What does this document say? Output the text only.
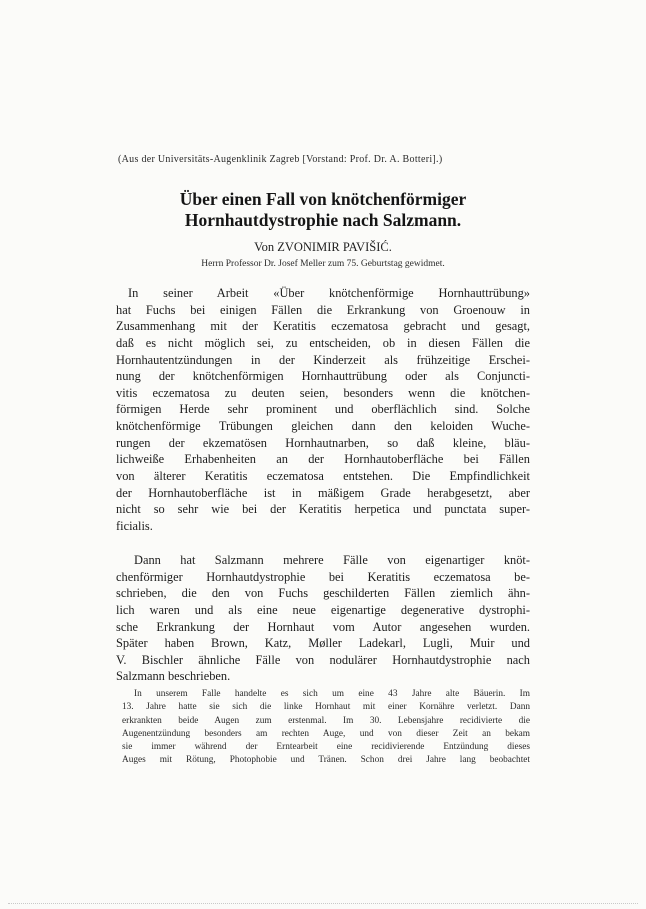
(Aus der Universitäts-Augenklinik Zagreb [Vorstand: Prof. Dr. A. Botteri].)
Über einen Fall von knötchenförmiger
Hornhautdystrophie nach Salzmann.
Von ZVONIMIR PAVIŠIĆ.
Herrn Professor Dr. Josef Meller zum 75. Geburtstag gewidmet.
In seiner Arbeit «Über knötchenförmige Hornhauttrübung»
hat Fuchs bei einigen Fällen die Erkrankung von Groenouw in
Zusammenhang mit der Keratitis eczematosa gebracht und gesagt,
daß es nicht möglich sei, zu entscheiden, ob in diesen Fällen die
Hornhautentzündungen in der Kinderzeit als frühzeitige Erschei-
nung der knötchenförmigen Hornhauttrübung oder als Conjuncti-
vitis eczematosa zu deuten seien, besonders wenn die knötchen-
förmigen Herde sehr prominent und oberflächlich sind. Solche
knötchenförmige Trübungen gleichen dann den keloiden Wuche-
rungen der ekzematösen Hornhautnarben, so daß kleine, bläu-
lichweiße Erhabenheiten an der Hornhautoberfläche bei Fällen
von älterer Keratitis eczematosa entstehen. Die Empfindlichkeit
der Hornhautoberfläche ist in mäßigem Grade herabgesetzt, aber
nicht so sehr wie bei der Keratitis herpetica und punctata super-
ficialis.
Dann hat Salzmann mehrere Fälle von eigenartiger knöt-
chenförmiger Hornhautdystrophie bei Keratitis eczematosa be-
schrieben, die den von Fuchs geschilderten Fällen ziemlich ähn-
lich waren und als eine neue eigenartige degenerative dystrophi-
sche Erkrankung der Hornhaut vom Autor angesehen wurden.
Später haben Brown, Katz, Møller Ladekarl, Lugli, Muir und
V. Bischler ähnliche Fälle von nodulärer Hornhautdystrophie nach
Salzmann beschrieben.
In unserem Falle handelte es sich um eine 43 Jahre alte Bäuerin. Im
13. Jahre hatte sie sich die linke Hornhaut mit einer Kornähre verletzt. Dann
erkrankten beide Augen zum erstenmal. Im 30. Lebensjahre recidivierte die
Augenentzündung besonders am rechten Auge, und von dieser Zeit an bekam
sie immer während der Erntearbeit eine recidivierende Entzündung dieses
Auges mit Rötung, Photophobie und Tränen. Schon drei Jahre lang beobachtet
